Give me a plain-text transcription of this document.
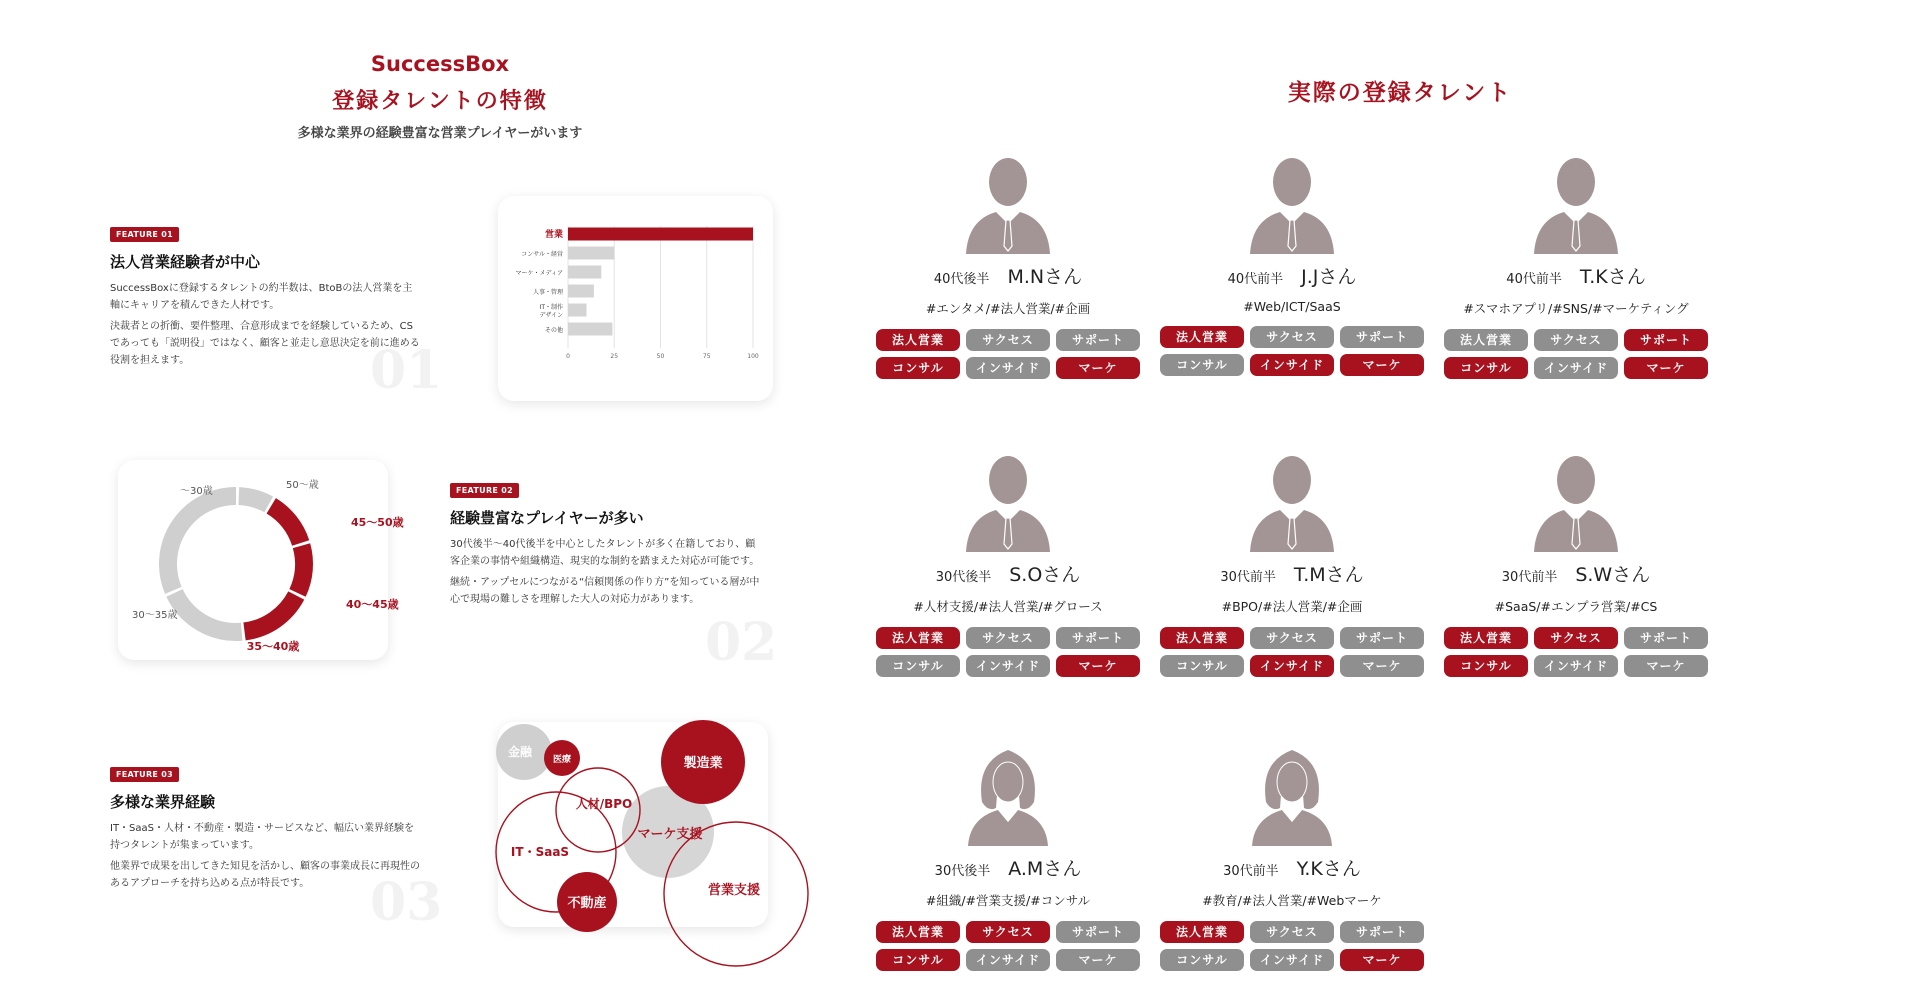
SuccessBox
登録タレントの特徴
多様な業界の経験豊富な営業プレイヤーがいます
FEATURE 01
法人営業経験者が中心

SuccessBoxに登録するタレントの約半数は、BtoBの法人営業を主軸にキャリアを積んできた人材です。

決裁者との折衝、要件整理、合意形成までを経験しているため、CSであっても「説明役」ではなく、顧客と並走し意思決定を前に進める役割を担えます。	01	0	25	50	75	100
営業
コンサル・経営
マーケ・メディア
人事・管理
IT・制作
デザイン
その他
45〜50歳
40〜45歳
35〜40歳
30〜35歳
〜30歳
50〜歳	FEATURE 02
経験豊富なプレイヤーが多い

30代後半〜40代後半を中心としたタレントが多く在籍しており、顧客企業の事情や組織構造、現実的な制約を踏まえた対応が可能です。

継続・アップセルにつながる“信頼関係の作り方”を知っている層が中心で現場の難しさを理解した大人の対応力があります。

02
FEATURE 03
多様な業界経験

IT・SaaS・人材・不動産・製造・サービスなど、幅広い業界経験を持つタレントが集まっています。

他業界で成果を出してきた知見を活かし、顧客の事業成長に再現性のあるアプローチを持ち込める点が特長です。	03
金融
医療
人材/BPO
製造業
マーケ支援
IT・SaaS
不動産
営業支援
実際の登録タレント
40代後半 M.Nさん
#エンタメ/#法人営業/#企画
法人営業	サクセス	サポート
コンサル	インサイド	マーケ
40代前半 J.Jさん
#Web/ICT/SaaS
法人営業	サクセス	サポート
コンサル	インサイド	マーケ
40代前半 T.Kさん
#スマホアプリ/#SNS/#マーケティング
法人営業	サクセス	サポート
コンサル	インサイド	マーケ
30代後半 S.Oさん
#人材支援/#法人営業/#グロース
法人営業	サクセス	サポート
コンサル	インサイド	マーケ
30代前半 T.Mさん
#BPO/#法人営業/#企画
法人営業	サクセス	サポート
コンサル	インサイド	マーケ
30代前半 S.Wさん
#SaaS/#エンプラ営業/#CS
法人営業	サクセス	サポート
コンサル	インサイド	マーケ
30代後半 A.Mさん
#組織/#営業支援/#コンサル
法人営業	サクセス	サポート
コンサル	インサイド	マーケ
30代前半 Y.Kさん
#教育/#法人営業/#Webマーケ
法人営業	サクセス	サポート
コンサル	インサイド	マーケ
